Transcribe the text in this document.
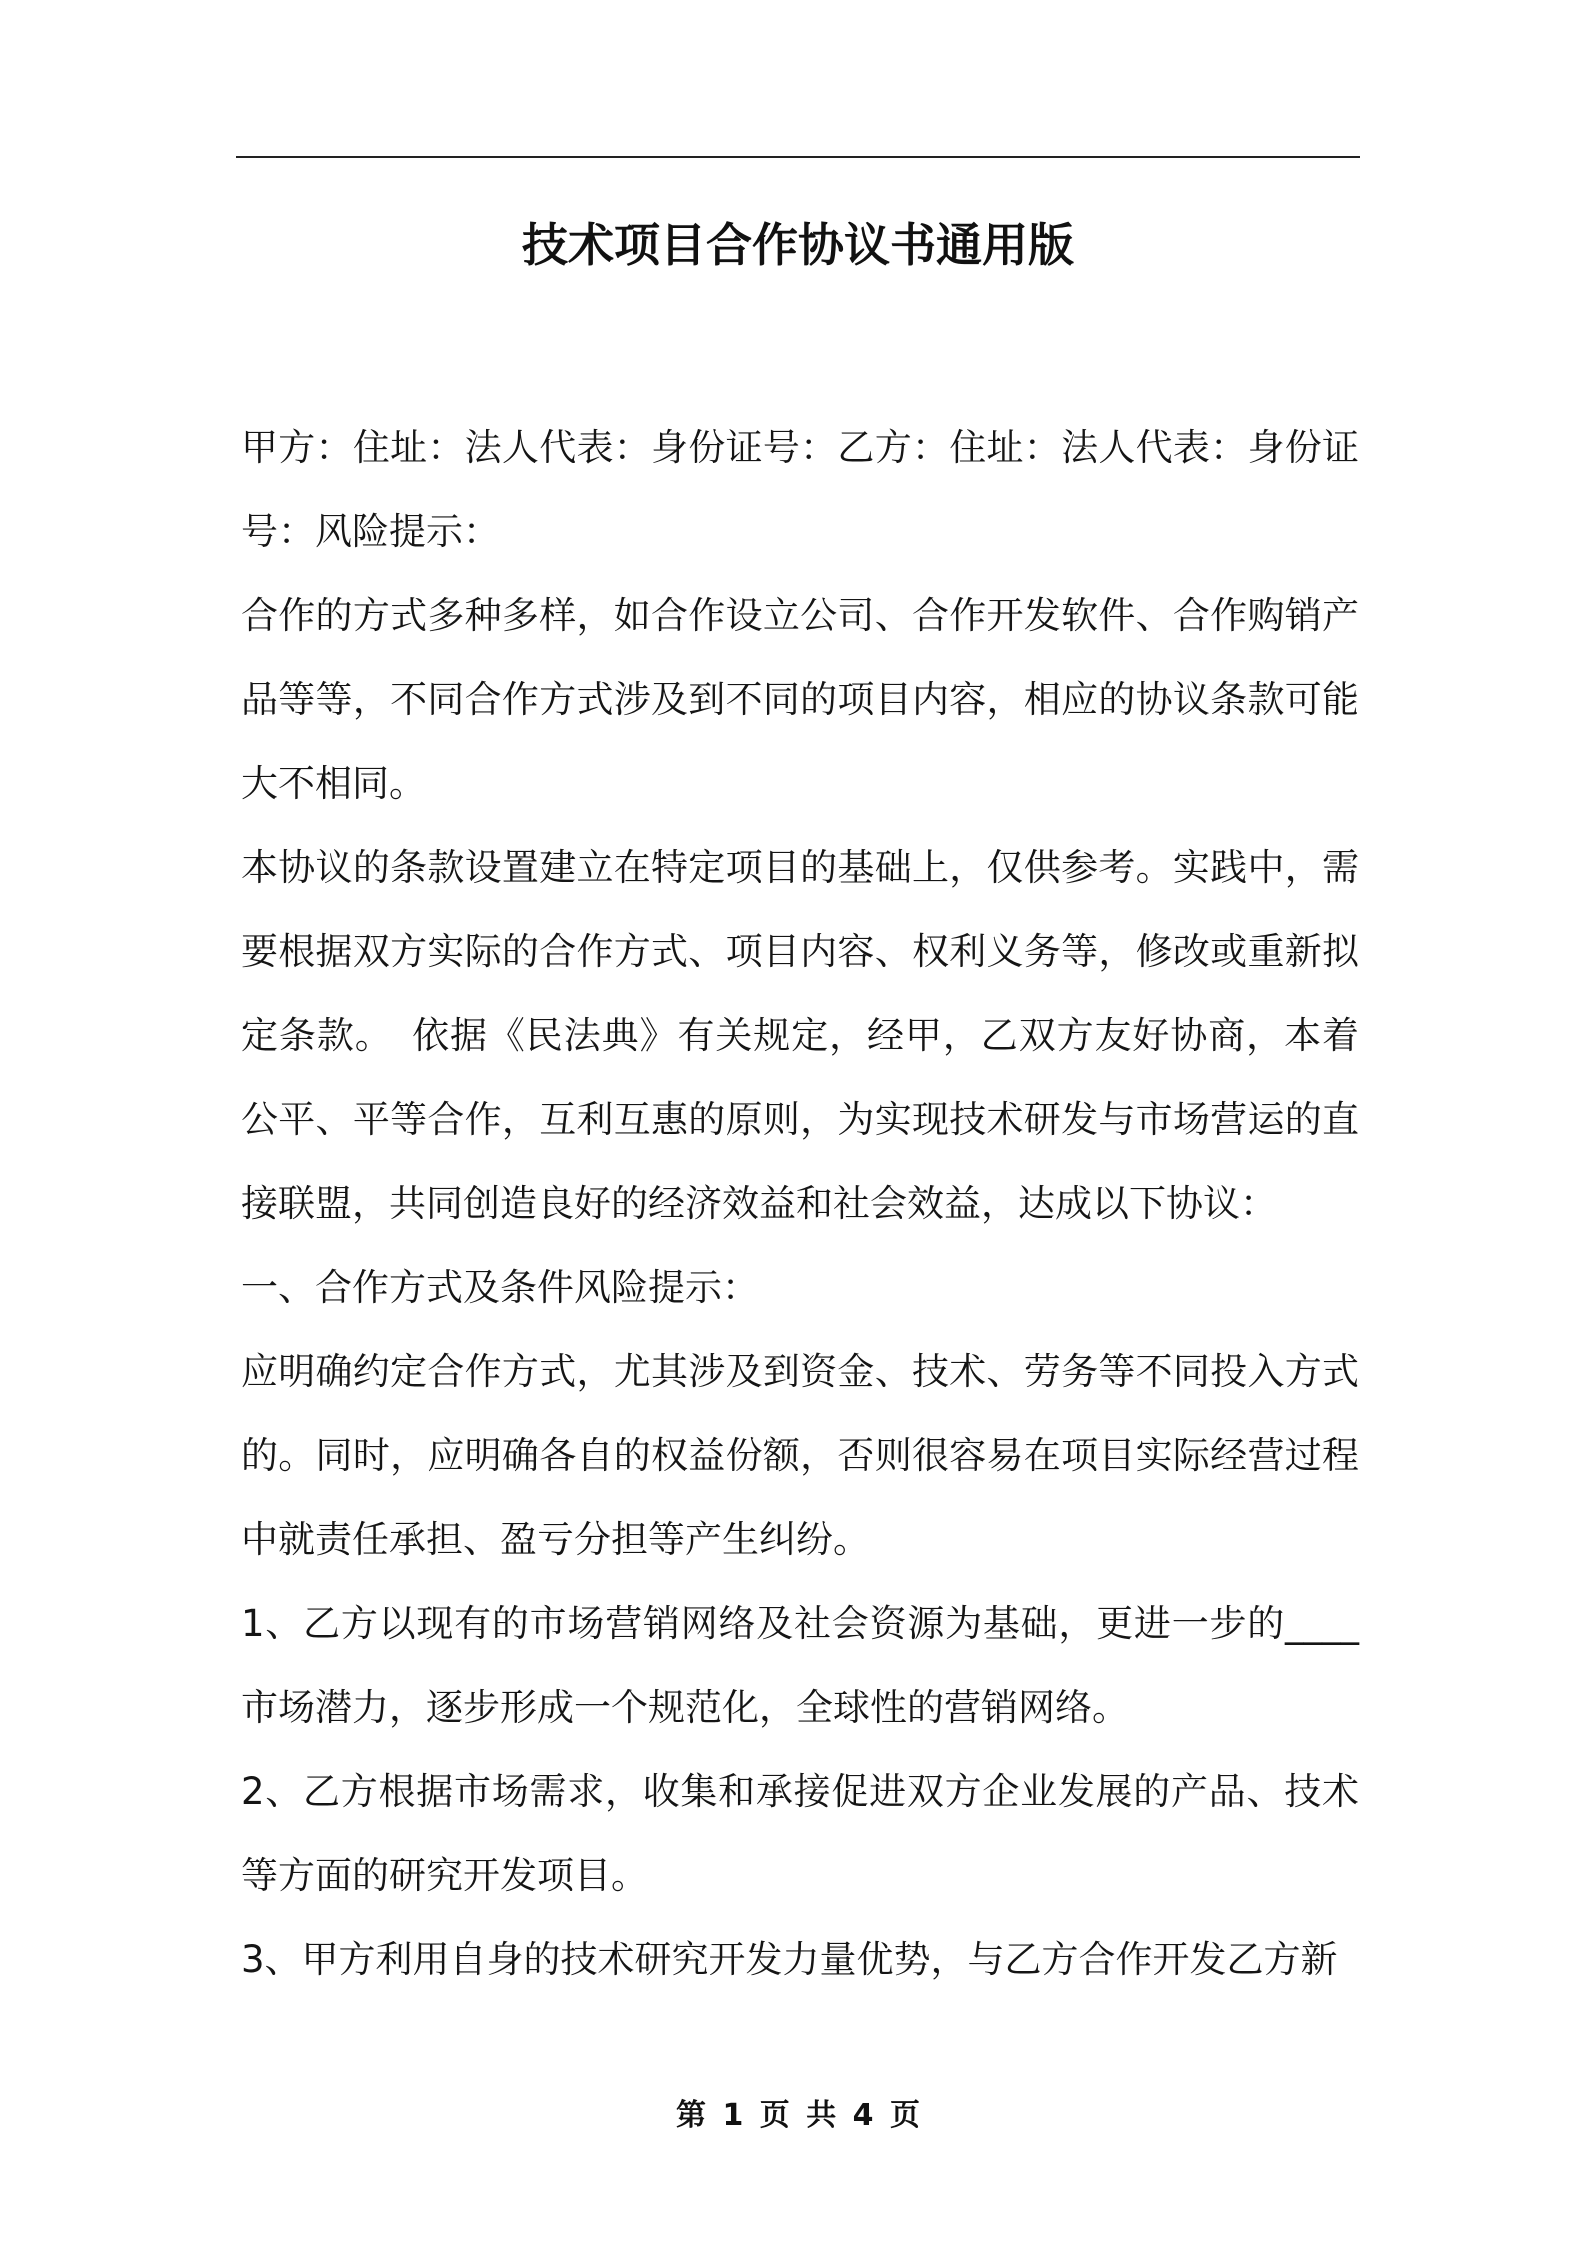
技术项目合作协议书通用版

甲方：住址：法人代表：身份证号：乙方：住址：法人代表：身份证号：风险提示：

合作的方式多种多样，如合作设立公司、合作开发软件、合作购销产品等等，不同合作方式涉及到不同的项目内容，相应的协议条款可能大不相同。

本协议的条款设置建立在特定项目的基础上，仅供参考。实践中，需要根据双方实际的合作方式、项目内容、权利义务等，修改或重新拟定条款。　依据《民法典》有关规定，经甲，乙双方友好协商，本着公平、平等合作，互利互惠的原则，为实现技术研发与市场营运的直接联盟，共同创造良好的经济效益和社会效益，达成以下协议：

一、合作方式及条件风险提示：

应明确约定合作方式，尤其涉及到资金、技术、劳务等不同投入方式的。同时，应明确各自的权益份额，否则很容易在项目实际经营过程中就责任承担、盈亏分担等产生纠纷。

1、乙方以现有的市场营销网络及社会资源为基础，更进一步的____市场潜力，逐步形成一个规范化，全球性的营销网络。

2、乙方根据市场需求，收集和承接促进双方企业发展的产品、技术等方面的研究开发项目。

3、甲方利用自身的技术研究开发力量优势，与乙方合作开发乙方新

第 1 页 共 4 页
